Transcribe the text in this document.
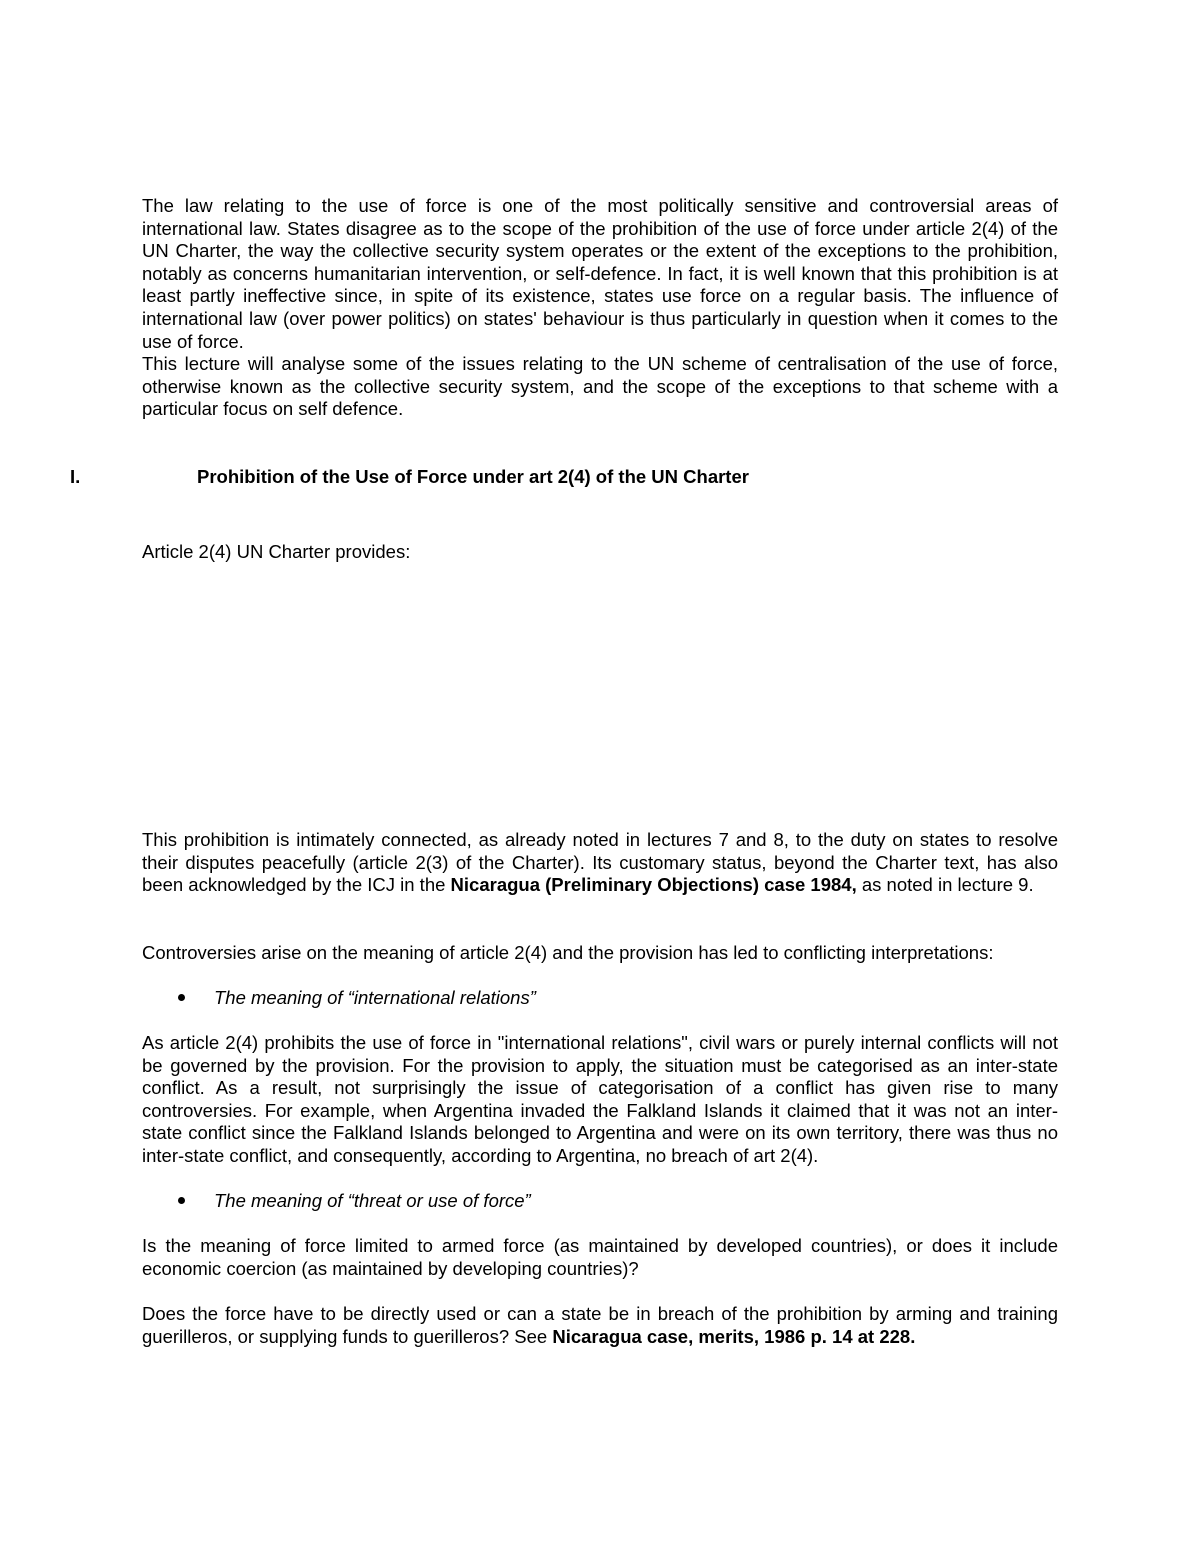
The law relating to the use of force is one of the most politically sensitive and controversial areas of international law. States disagree as to the scope of the prohibition of the use of force under article 2(4) of the UN Charter, the way the collective security system operates or the extent of the exceptions to the prohibition, notably as concerns humanitarian intervention, or self-defence. In fact, it is well known that this prohibition is at least partly ineffective since, in spite of its existence, states use force on a regular basis. The influence of international law (over power politics) on states' behaviour is thus particularly in question when it comes to the use of force.

This lecture will analyse some of the issues relating to the UN scheme of centralisation of the use of force, otherwise known as the collective security system, and the scope of the exceptions to that scheme with a particular focus on self defence.

I.	Prohibition of the Use of Force under art 2(4) of the UN Charter

Article 2(4) UN Charter provides:

This prohibition is intimately connected, as already noted in lectures 7 and 8, to the duty on states to resolve their disputes peacefully (article 2(3) of the Charter). Its customary status, beyond the Charter text, has also been acknowledged by the ICJ in the Nicaragua (Preliminary Objections) case 1984, as noted in lecture 9.

Controversies arise on the meaning of article 2(4) and the provision has led to conflicting interpretations:

The meaning of “international relations”

As article 2(4) prohibits the use of force in "international relations", civil wars or purely internal conflicts will not be governed by the provision. For the provision to apply, the situation must be categorised as an inter-state conflict. As a result, not surprisingly the issue of categorisation of a conflict has given rise to many controversies. For example, when Argentina invaded the Falkland Islands it claimed that it was not an inter-state conflict since the Falkland Islands belonged to Argentina and were on its own territory, there was thus no inter-state conflict, and consequently, according to Argentina, no breach of art 2(4).

The meaning of “threat or use of force”

Is the meaning of force limited to armed force (as maintained by developed countries), or does it include economic coercion (as maintained by developing countries)?

Does the force have to be directly used or can a state be in breach of the prohibition by arming and training guerilleros, or supplying funds to guerilleros? See Nicaragua case, merits, 1986 p. 14 at 228.
